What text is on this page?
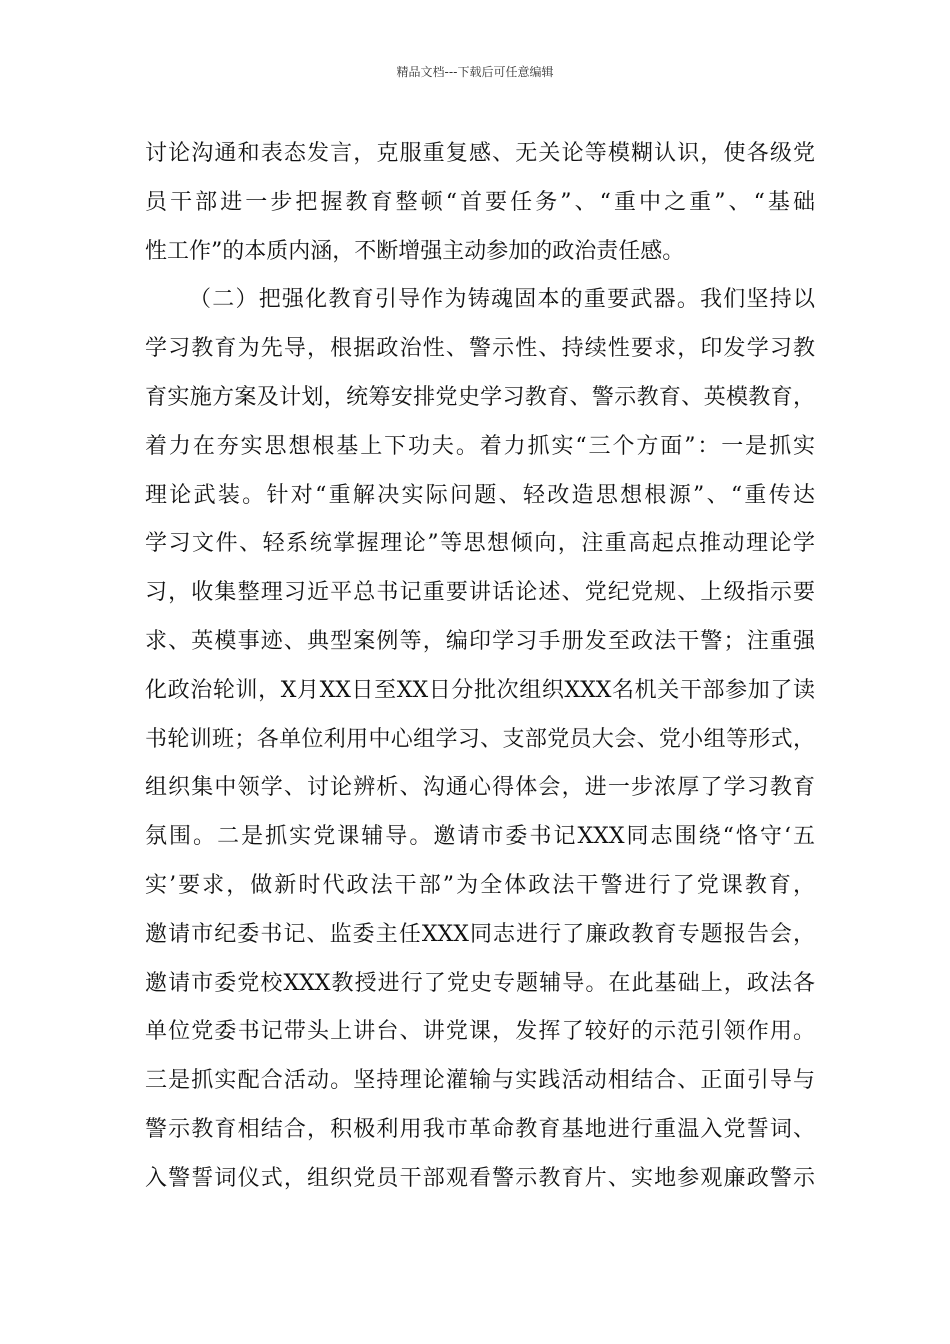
精品文档---下载后可任意编辑
讨论沟通和表态发言，克服重复感、无关论等模糊认识，使各级党
员干部进一步把握教育整顿“首要任务”、“重中之重”、“基础
性工作”的本质内涵，不断增强主动参加的政治责任感。
（二）把强化教育引导作为铸魂固本的重要武器。我们坚持以
学习教育为先导，根据政治性、警示性、持续性要求，印发学习教
育实施方案及计划，统筹安排党史学习教育、警示教育、英模教育，
着力在夯实思想根基上下功夫。着力抓实“三个方面”：一是抓实
理论武装。针对“重解决实际问题、轻改造思想根源”、“重传达
学习文件、轻系统掌握理论”等思想倾向，注重高起点推动理论学
习，收集整理习近平总书记重要讲话论述、党纪党规、上级指示要
求、英模事迹、典型案例等，编印学习手册发至政法干警；注重强
化政治轮训，X月XX日至XX日分批次组织XXX名机关干部参加了读
书轮训班；各单位利用中心组学习、支部党员大会、党小组等形式，
组织集中领学、讨论辨析、沟通心得体会，进一步浓厚了学习教育
氛围。二是抓实党课辅导。邀请市委书记XXX同志围绕“恪守‘五
实’要求，做新时代政法干部”为全体政法干警进行了党课教育，
邀请市纪委书记、监委主任XXX同志进行了廉政教育专题报告会，
邀请市委党校XXX教授进行了党史专题辅导。在此基础上，政法各
单位党委书记带头上讲台、讲党课，发挥了较好的示范引领作用。
三是抓实配合活动。坚持理论灌输与实践活动相结合、正面引导与
警示教育相结合，积极利用我市革命教育基地进行重温入党誓词、
入警誓词仪式，组织党员干部观看警示教育片、实地参观廉政警示
